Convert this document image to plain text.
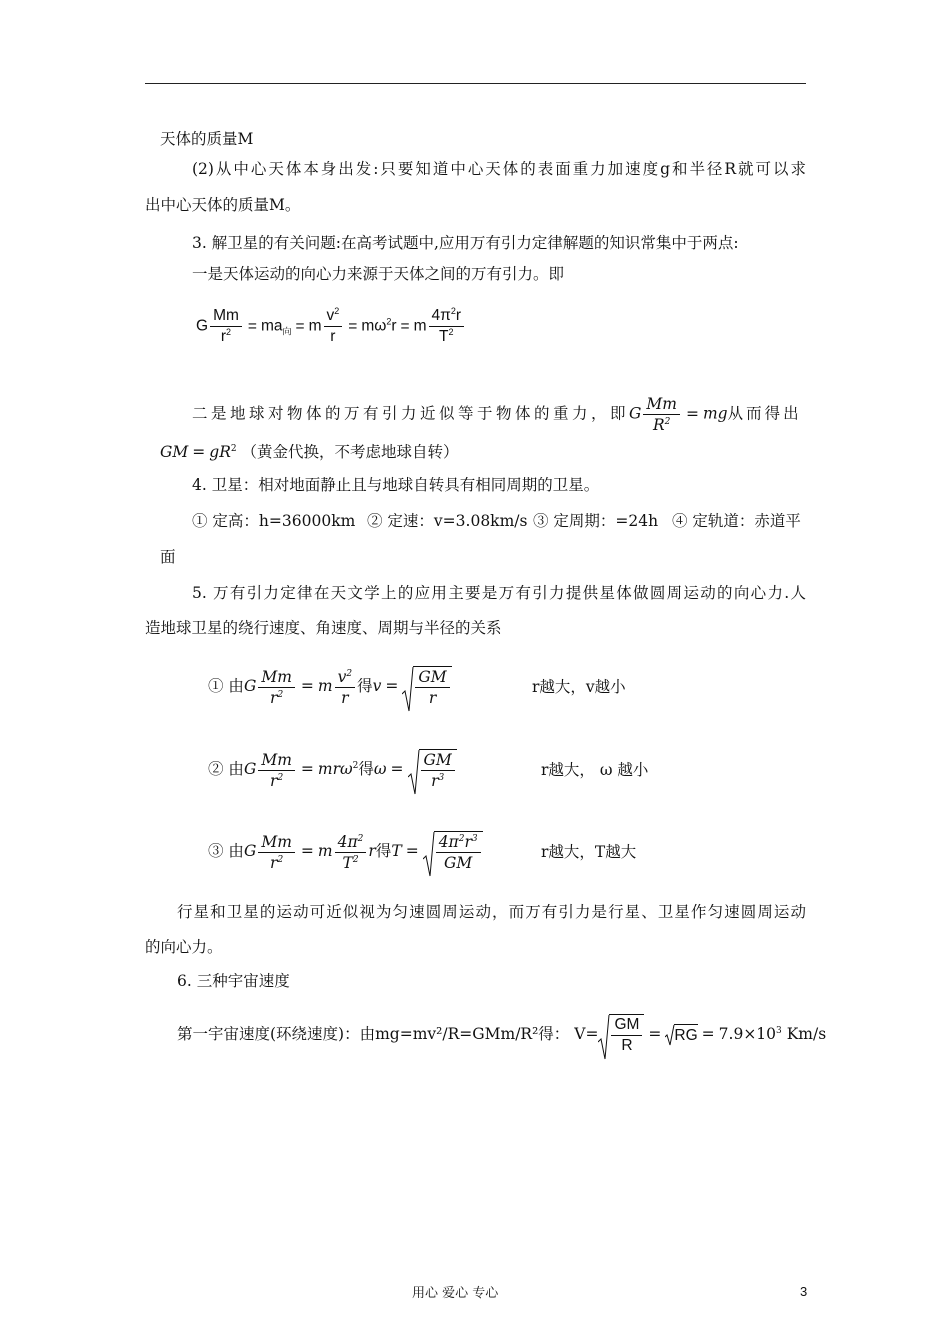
天体的质量M
(2)从中心天体本身出发:只要知道中心天体的表面重力加速度g和半径R就可以求
出中心天体的质量M。
3. 解卫星的有关问题:在高考试题中,应用万有引力定律解题的知识常集中于两点:
一是天体运动的向心力来源于天体之间的万有引力。即
G $\frac{Mm}{r^2} = ma_向 = m \frac{v^2}{r} = m\omega^2r = m \frac{4\pi^2r}{T^2}$
二是地球对物体的万有引力近似等于物体的重力，即G $\frac{Mm}{R^2}$ = mg从而得出
GM = $gR^2$ （黄金代换，不考虑地球自转）
4. 卫星：相对地面静止且与地球自转具有相同周期的卫星。
① 定高：h=36000km ② 定速：v=3.08km/s ③ 定周期：=24h ④ 定轨道：赤道平
面
5. 万有引力定律在天文学上的应用主要是万有引力提供星体做圆周运动的向心力.人
造地球卫星的绕行速度、角速度、周期与半径的关系
① 由G $\frac{Mm}{r^2} = m \frac{v^2}{r}$ 得$v = \frac{GM}{r}$	r越大，v越小
② 由G $\frac{Mm}{r^2} = mr\omega^2$得$\omega = \frac{GM}{r^3}$	r越大， ω 越小
③ 由G $\frac{Mm}{r^2} = m \frac{4\pi^2}{T^2}$ r得$T = \frac{4\pi^2r^3}{GM}$	r越大，T越大
行星和卫星的运动可近似视为匀速圆周运动，而万有引力是行星、卫星作匀速圆周运动
的向心力。
6. 三种宇宙速度
第一宇宙速度(环绕速度)：由mg=mv²/R=GMm/R²得： $V= \frac{GM}{R}$ = RG = $7.9\times 10^3$ Km/s
用心 爱心 专心	3
